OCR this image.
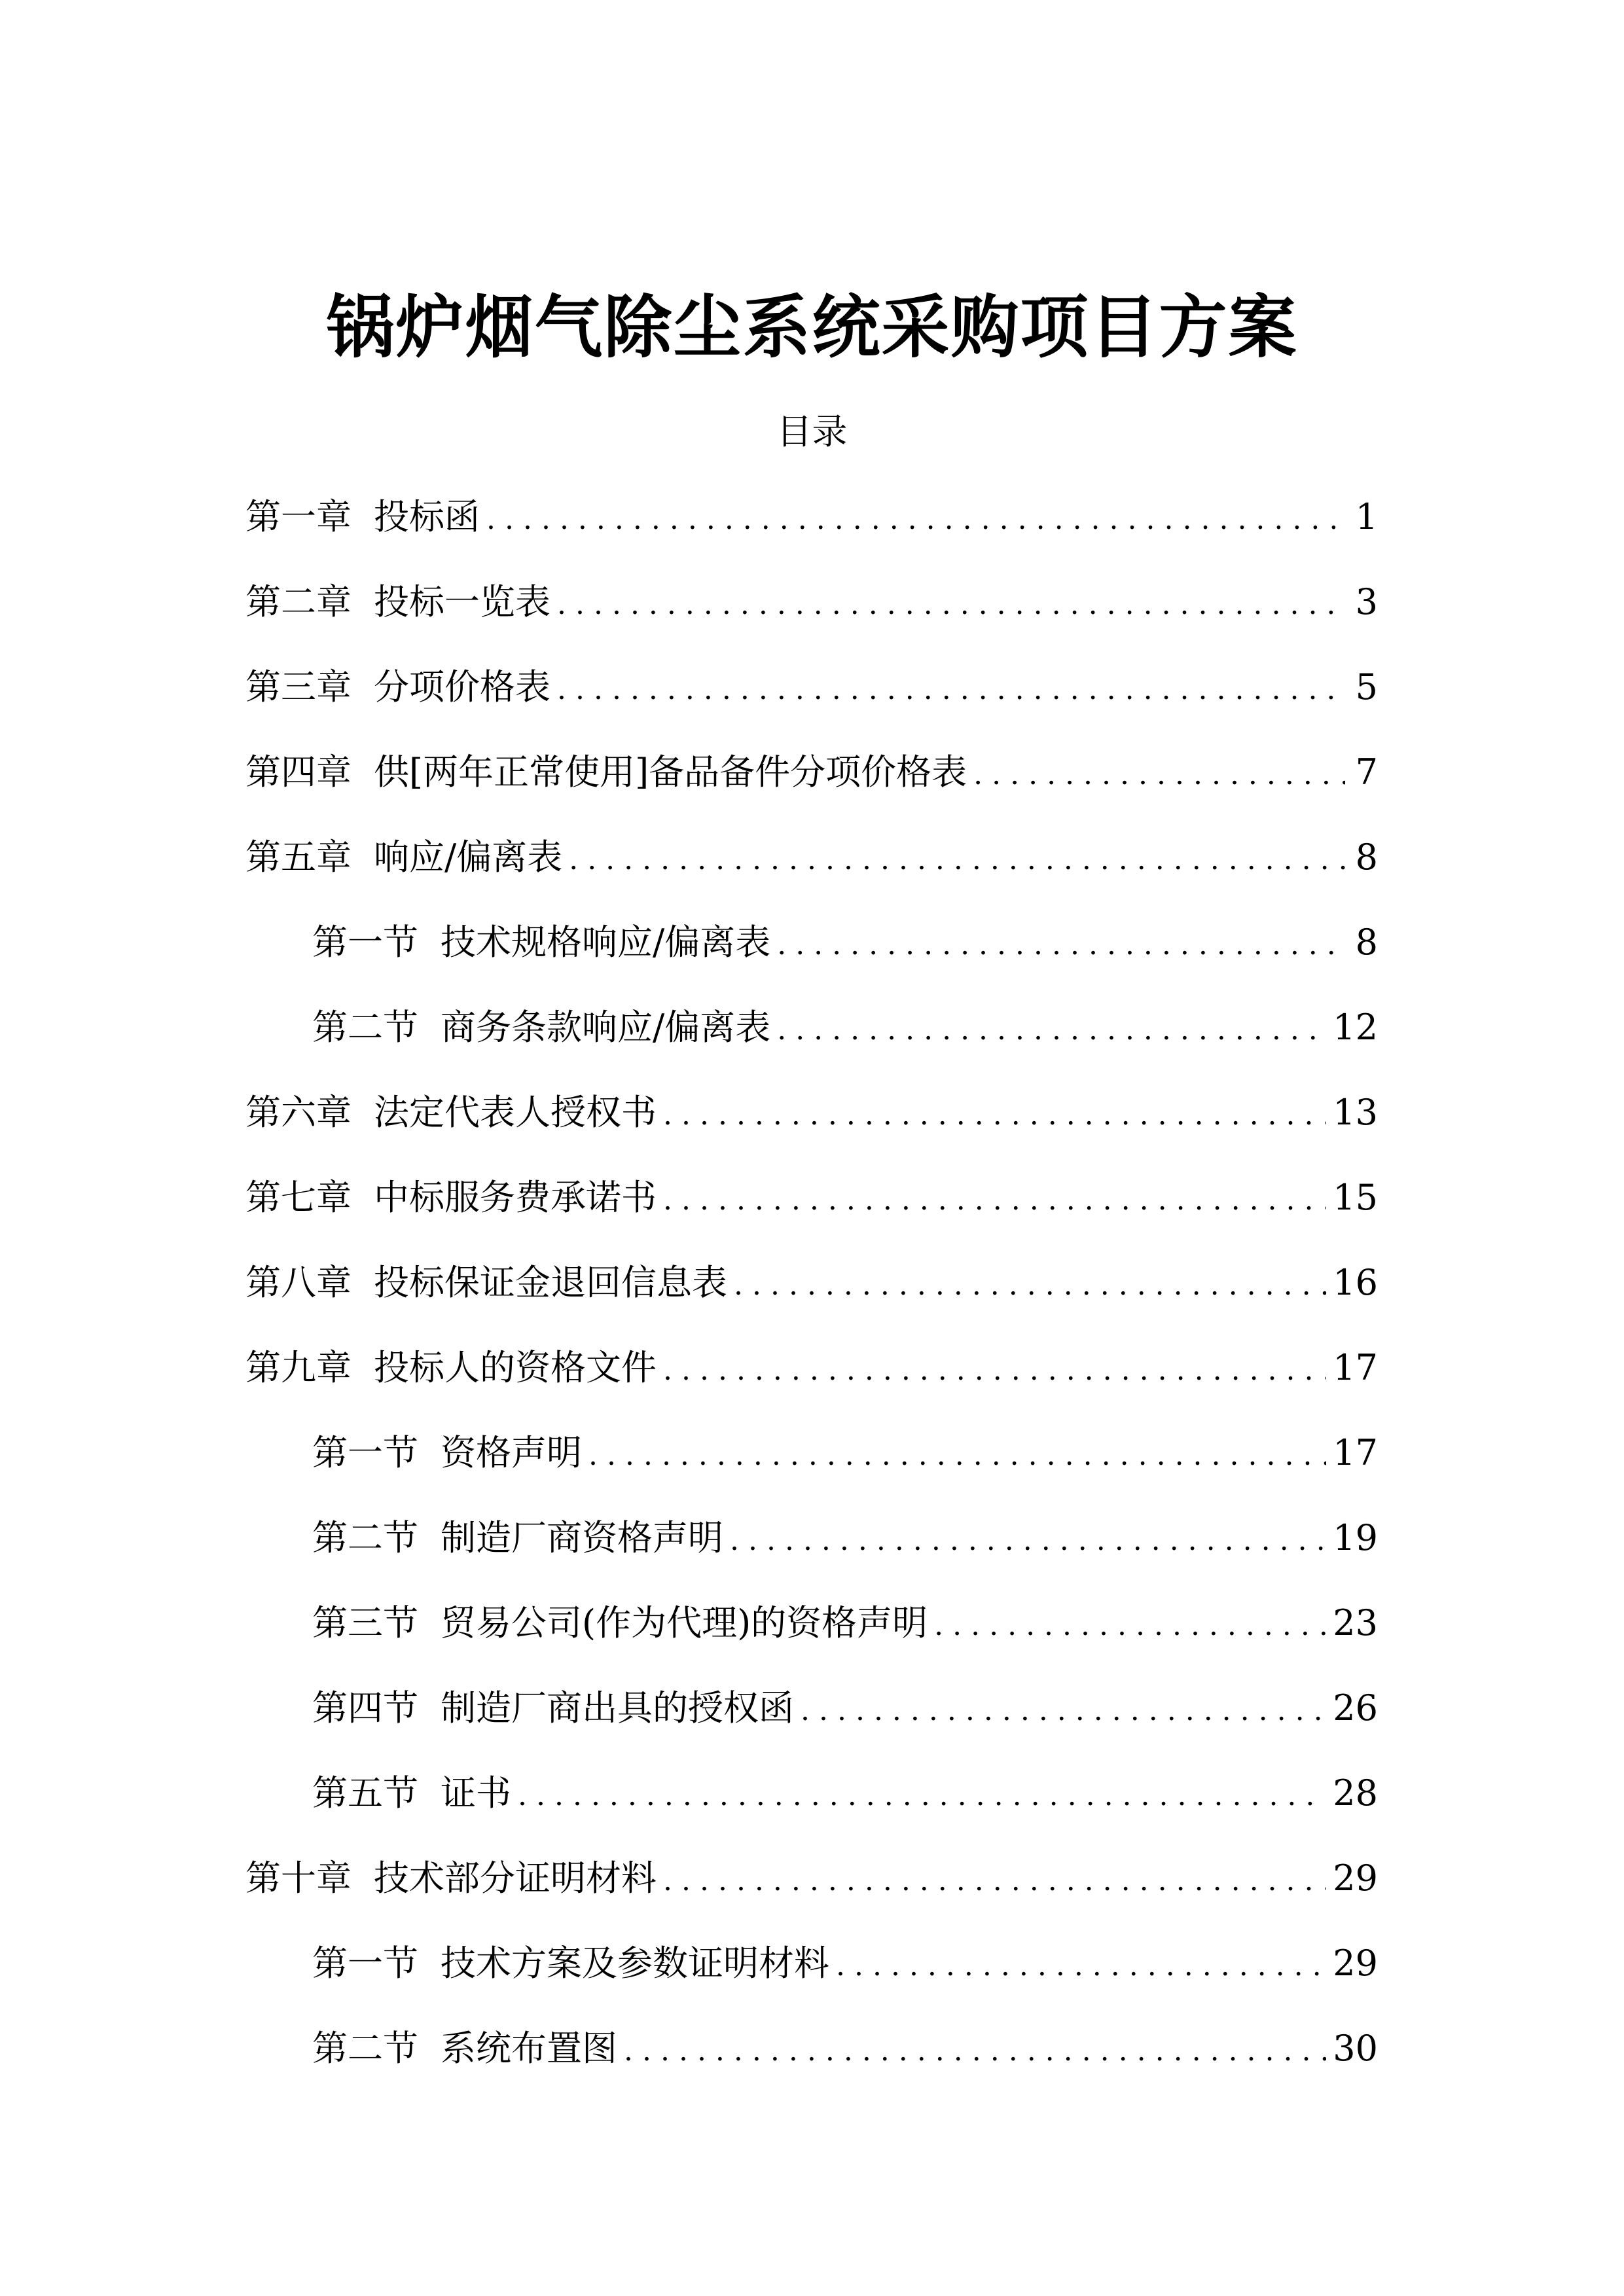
锅炉烟气除尘系统采购项目方案
目录
第一章 投标函 .....	1
第二章 投标一览表 .....	3
第三章 分项价格表 .....	5
第四章 供[两年正常使用]备品备件分项价格表 .....	7
第五章 响应/偏离表 .....	8
第一节 技术规格响应/偏离表 .....	8
第二节 商务条款响应/偏离表 .....	12
第六章 法定代表人授权书 .....	13
第七章 中标服务费承诺书 .....	15
第八章 投标保证金退回信息表 .....	16
第九章 投标人的资格文件 .....	17
第一节 资格声明 .....	17
第二节 制造厂商资格声明 .....	19
第三节 贸易公司(作为代理)的资格声明 .....	23
第四节 制造厂商出具的授权函 .....	26
第五节 证书 .....	28
第十章 技术部分证明材料 .....	29
第一节 技术方案及参数证明材料 .....	29
第二节 系统布置图 .....	30
